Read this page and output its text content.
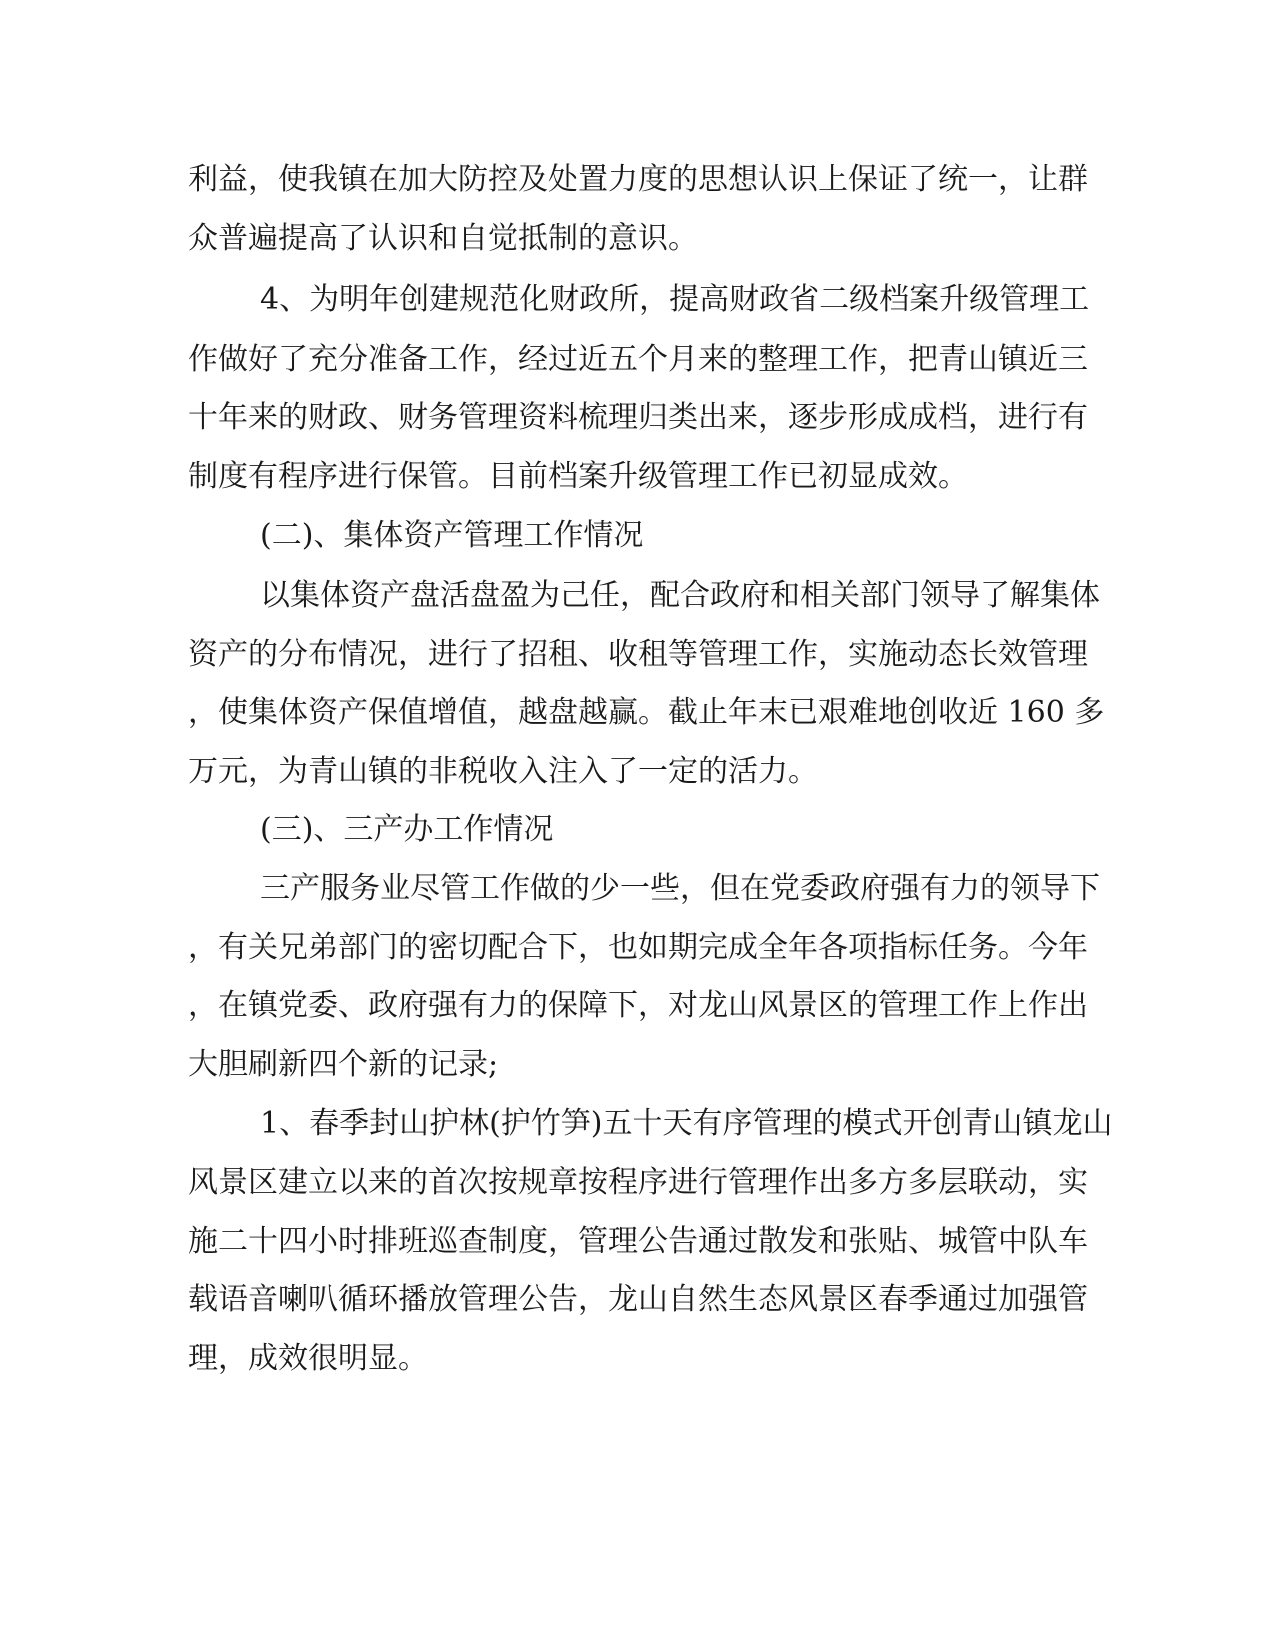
利益，使我镇在加大防控及处置力度的思想认识上保证了统一，让群
众普遍提高了认识和自觉抵制的意识。
4、为明年创建规范化财政所，提高财政省二级档案升级管理工
作做好了充分准备工作，经过近五个月来的整理工作，把青山镇近三
十年来的财政、财务管理资料梳理归类出来，逐步形成成档，进行有
制度有程序进行保管。目前档案升级管理工作已初显成效。
(二)、集体资产管理工作情况
以集体资产盘活盘盈为己任，配合政府和相关部门领导了解集体
资产的分布情况，进行了招租、收租等管理工作，实施动态长效管理
，使集体资产保值增值，越盘越赢。截止年末已艰难地创收近 160 多
万元，为青山镇的非税收入注入了一定的活力。
(三)、三产办工作情况
三产服务业尽管工作做的少一些，但在党委政府强有力的领导下
，有关兄弟部门的密切配合下，也如期完成全年各项指标任务。今年
，在镇党委、政府强有力的保障下，对龙山风景区的管理工作上作出
大胆刷新四个新的记录;
1、春季封山护林(护竹笋)五十天有序管理的模式开创青山镇龙山
风景区建立以来的首次按规章按程序进行管理作出多方多层联动，实
施二十四小时排班巡查制度，管理公告通过散发和张贴、城管中队车
载语音喇叭循环播放管理公告，龙山自然生态风景区春季通过加强管
理，成效很明显。
